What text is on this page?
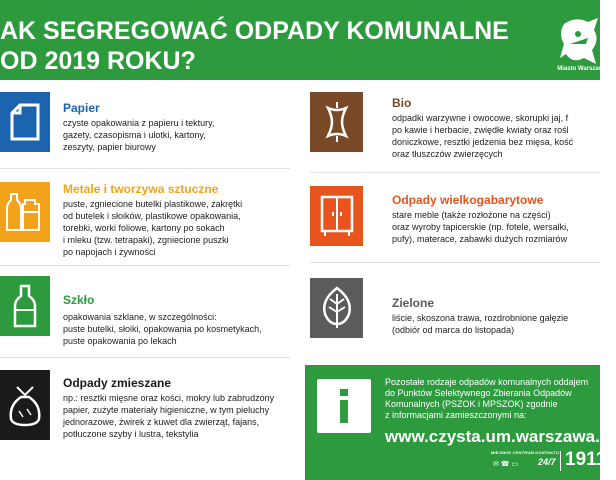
AK SEGREGOWAĆ ODPADY KOMUNALNE
OD 2019 ROKU?	Miasto Warszawa
Papier
czyste opakowania z papieru i tektury,
gazety, czasopisma i ulotki, kartony,
zeszyty, papier biurowy
Metale i tworzywa sztuczne
puste, zgniecione butelki plastikowe, zakrętki
od butelek i słoików, plastikowe opakowania,
torebki, worki foliowe, kartony po sokach
i mleku (tzw. tetrapaki), zgniecione puszki
po napojach i żywności
Szkło
opakowania szklane, w szczególności:
puste butelki, słoiki, opakowania po kosmetykach,
puste opakowania po lekach
Odpady zmieszane
np.: resztki mięsne oraz kości, mokry lub zabrudzony
papier, zużyte materiały higieniczne, w tym pieluchy
jednorazowe, żwirek z kuwet dla zwierząt, fajans,
potłuczone szyby i lustra, tekstylia
Bio
odpadki warzywne i owocowe, skorupki jaj, f
po kawie i herbacie, zwiędłe kwiaty oraz rośl
doniczkowe, resztki jedzenia bez mięsa, kość
oraz tłuszczów zwierzęcych
Odpady wielkogabarytowe
stare meble (także rozłożone na części)
oraz wyroby tapicerskie (np. fotele, wersalki,
pufy), materace, zabawki dużych rozmiarów
Zielone
liście, skoszona trawa, rozdrobnione gałęzie
(odbiór od marca do listopada)
Pozostałe rodzaje odpadów komunalnych oddajem
do Punktów Selektywnego Zbierania Odpadów
Komunalnych (PSZOK i MPSZOK) zgodnie
z informacjami zamieszczonymi na:
www.czysta.um.warszawa.p
MIEJSKIE CENTRUM KONTAKTU
✉ ☎ ▭ 24/7 19111
